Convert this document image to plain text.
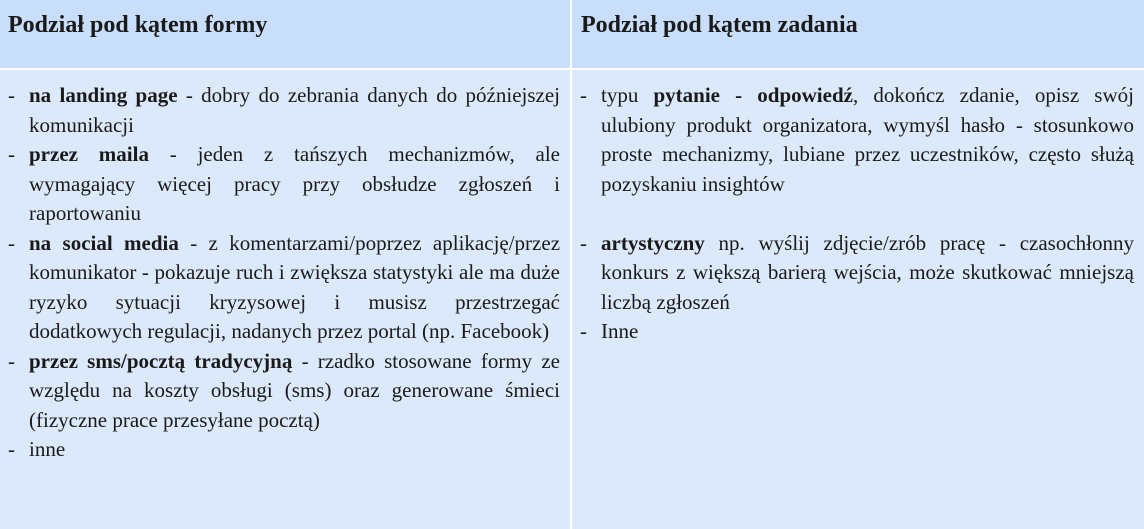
Podział pod kątem formy	Podział pod kątem zadania
- na landing page - dobry do zebrania danych do późniejszej komunikacji
- przez maila - jeden z tańszych mechanizmów, ale wymagający więcej pracy przy obsłudze zgłoszeń i raportowaniu
- na social media - z komentarzami/poprzez aplikację/przez komunikator - pokazuje ruch i zwiększa statystyki ale ma duże ryzyko sytuacji kryzysowej i musisz przestrzegać dodatkowych regulacji, nadanych przez portal (np. Facebook)
- przez sms/pocztą tradycyjną - rzadko stosowane formy ze względu na koszty obsługi (sms) oraz generowane śmieci (fizyczne prace przesyłane pocztą)
- inne
- typu pytanie - odpowiedź, dokończ zdanie, opisz swój ulubiony produkt organizatora, wymyśl hasło - stosunkowo proste mechanizmy, lubiane przez uczestników, często służą pozyskaniu insightów
- artystyczny np. wyślij zdjęcie/zrób pracę - czasochłonny konkurs z większą barierą wejścia, może skutkować mniejszą liczbą zgłoszeń
- Inne
